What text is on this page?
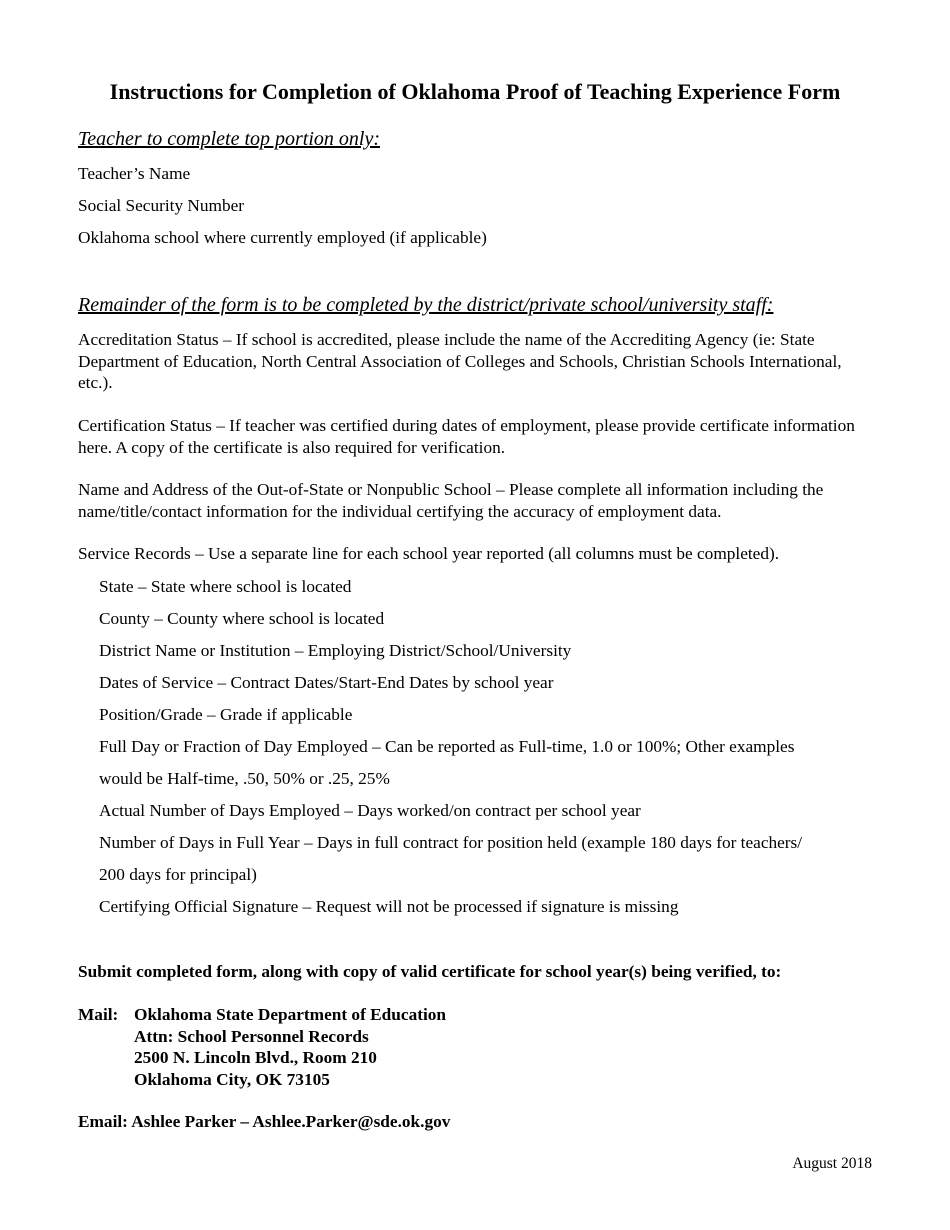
Instructions for Completion of Oklahoma Proof of Teaching Experience Form
Teacher to complete top portion only:
Teacher’s Name
Social Security Number
Oklahoma school where currently employed (if applicable)
Remainder of the form is to be completed by the district/private school/university staff:
Accreditation Status – If school is accredited, please include the name of the Accrediting Agency (ie: State Department of Education, North Central Association of Colleges and Schools, Christian Schools International, etc.).
Certification Status – If teacher was certified during dates of employment, please provide certificate information here. A copy of the certificate is also required for verification.
Name and Address of the Out-of-State or Nonpublic School – Please complete all information including the name/title/contact information for the individual certifying the accuracy of employment data.
Service Records – Use a separate line for each school year reported (all columns must be completed).
State – State where school is located
County – County where school is located
District Name or Institution – Employing District/School/University
Dates of Service – Contract Dates/Start-End Dates by school year
Position/Grade – Grade if applicable
Full Day or Fraction of Day Employed – Can be reported as Full-time, 1.0 or 100%; Other examples
would be Half-time, .50, 50% or .25, 25%
Actual Number of Days Employed – Days worked/on contract per school year
Number of Days in Full Year – Days in full contract for position held (example 180 days for teachers/
200 days for principal)
Certifying Official Signature – Request will not be processed if signature is missing
Submit completed form, along with copy of valid certificate for school year(s) being verified, to:
Mail: Oklahoma State Department of Education
Attn: School Personnel Records
2500 N. Lincoln Blvd., Room 210
Oklahoma City, OK 73105
Email: Ashlee Parker – Ashlee.Parker@sde.ok.gov
August 2018
